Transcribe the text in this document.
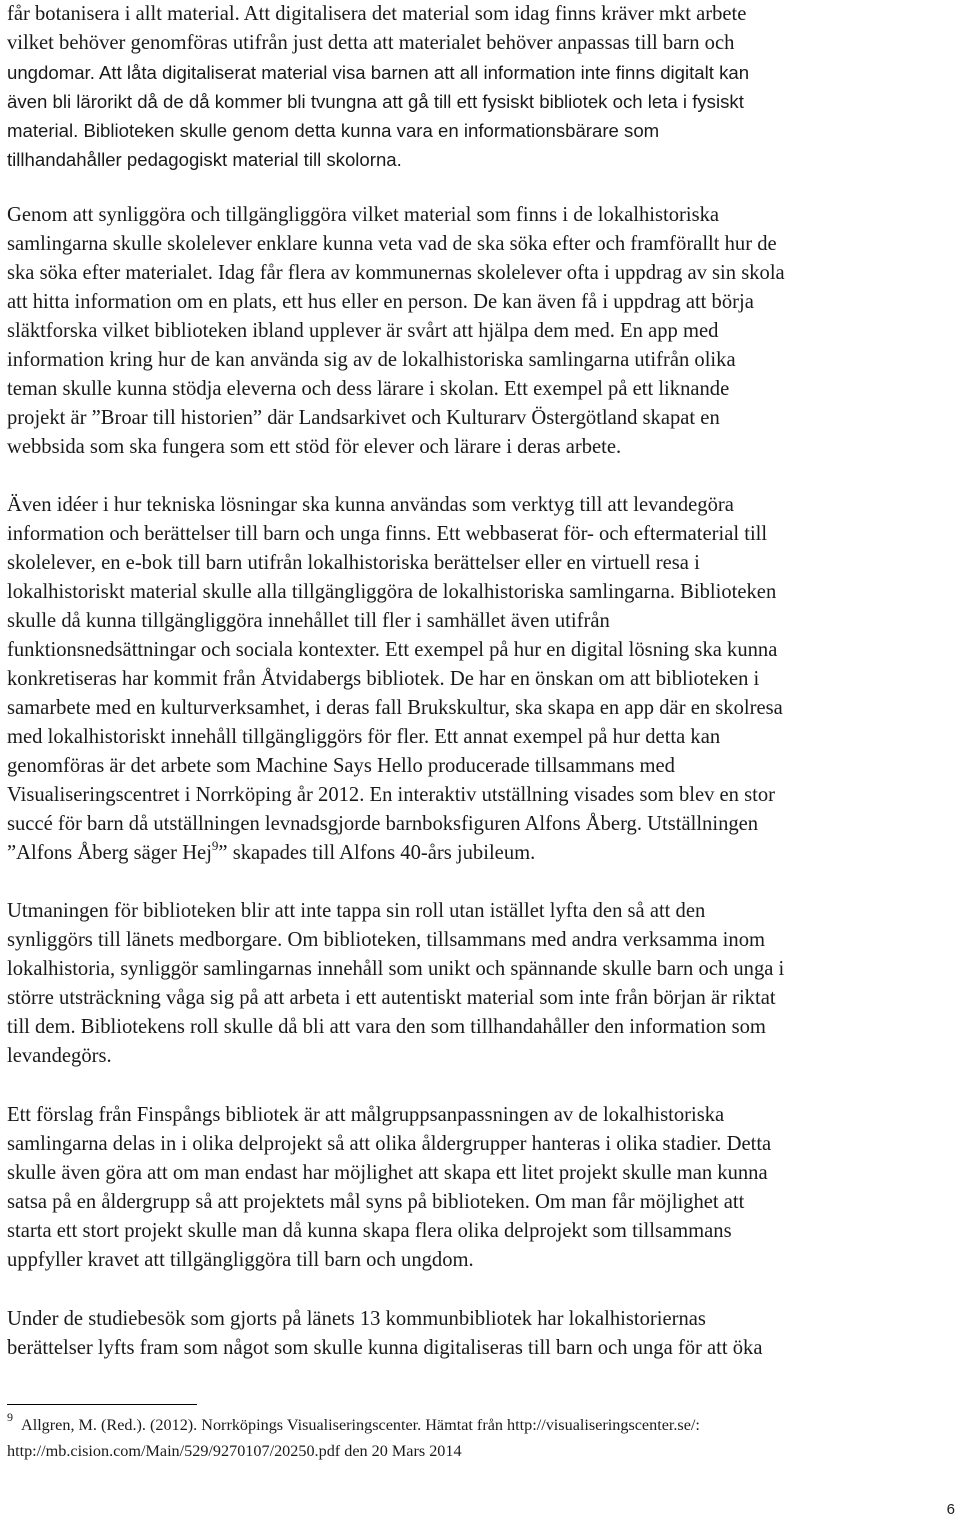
får botanisera i allt material. Att digitalisera det material som idag finns kräver mkt arbete
vilket behöver genomföras utifrån just detta att materialet behöver anpassas till barn och

ungdomar. Att låta digitaliserat material visa barnen att all information inte finns digitalt kan
även bli lärorikt då de då kommer bli tvungna att gå till ett fysiskt bibliotek och leta i fysiskt
material. Biblioteken skulle genom detta kunna vara en informationsbärare som
tillhandahåller pedagogiskt material till skolorna.

Genom att synliggöra och tillgängliggöra vilket material som finns i de lokalhistoriska
samlingarna skulle skolelever enklare kunna veta vad de ska söka efter och framförallt hur de
ska söka efter materialet. Idag får flera av kommunernas skolelever ofta i uppdrag av sin skola
att hitta information om en plats, ett hus eller en person. De kan även få i uppdrag att börja
släktforska vilket biblioteken ibland upplever är svårt att hjälpa dem med. En app med
information kring hur de kan använda sig av de lokalhistoriska samlingarna utifrån olika
teman skulle kunna stödja eleverna och dess lärare i skolan. Ett exempel på ett liknande
projekt är ”Broar till historien” där Landsarkivet och Kulturarv Östergötland skapat en
webbsida som ska fungera som ett stöd för elever och lärare i deras arbete.

Även idéer i hur tekniska lösningar ska kunna användas som verktyg till att levandegöra
information och berättelser till barn och unga finns. Ett webbaserat för- och eftermaterial till
skolelever, en e-bok till barn utifrån lokalhistoriska berättelser eller en virtuell resa i
lokalhistoriskt material skulle alla tillgängliggöra de lokalhistoriska samlingarna. Biblioteken
skulle då kunna tillgängliggöra innehållet till fler i samhället även utifrån
funktionsnedsättningar och sociala kontexter. Ett exempel på hur en digital lösning ska kunna
konkretiseras har kommit från Åtvidabergs bibliotek. De har en önskan om att biblioteken i
samarbete med en kulturverksamhet, i deras fall Brukskultur, ska skapa en app där en skolresa
med lokalhistoriskt innehåll tillgängliggörs för fler. Ett annat exempel på hur detta kan
genomföras är det arbete som Machine Says Hello producerade tillsammans med
Visualiseringscentret i Norrköping år 2012. En interaktiv utställning visades som blev en stor
succé för barn då utställningen levnadsgjorde barnboksfiguren Alfons Åberg. Utställningen
”Alfons Åberg säger Hej$^9$” skapades till Alfons 40-års jubileum.

Utmaningen för biblioteken blir att inte tappa sin roll utan istället lyfta den så att den
synliggörs till länets medborgare. Om biblioteken, tillsammans med andra verksamma inom
lokalhistoria, synliggör samlingarnas innehåll som unikt och spännande skulle barn och unga i
större utsträckning våga sig på att arbeta i ett autentiskt material som inte från början är riktat
till dem. Bibliotekens roll skulle då bli att vara den som tillhandahåller den information som
levandegörs.

Ett förslag från Finspångs bibliotek är att målgruppsanpassningen av de lokalhistoriska
samlingarna delas in i olika delprojekt så att olika åldergrupper hanteras i olika stadier. Detta
skulle även göra att om man endast har möjlighet att skapa ett litet projekt skulle man kunna
satsa på en åldergrupp så att projektets mål syns på biblioteken. Om man får möjlighet att
starta ett stort projekt skulle man då kunna skapa flera olika delprojekt som tillsammans
uppfyller kravet att tillgängliggöra till barn och ungdom.

Under de studiebesök som gjorts på länets 13 kommunbibliotek har lokalhistoriernas
berättelser lyfts fram som något som skulle kunna digitaliseras till barn och unga för att öka

$^9$ Allgren, M. (Red.). (2012). Norrköpings Visualiseringscenter. Hämtat från http://visualiseringscenter.se/:
http://mb.cision.com/Main/529/9270107/20250.pdf den 20 Mars 2014

6
